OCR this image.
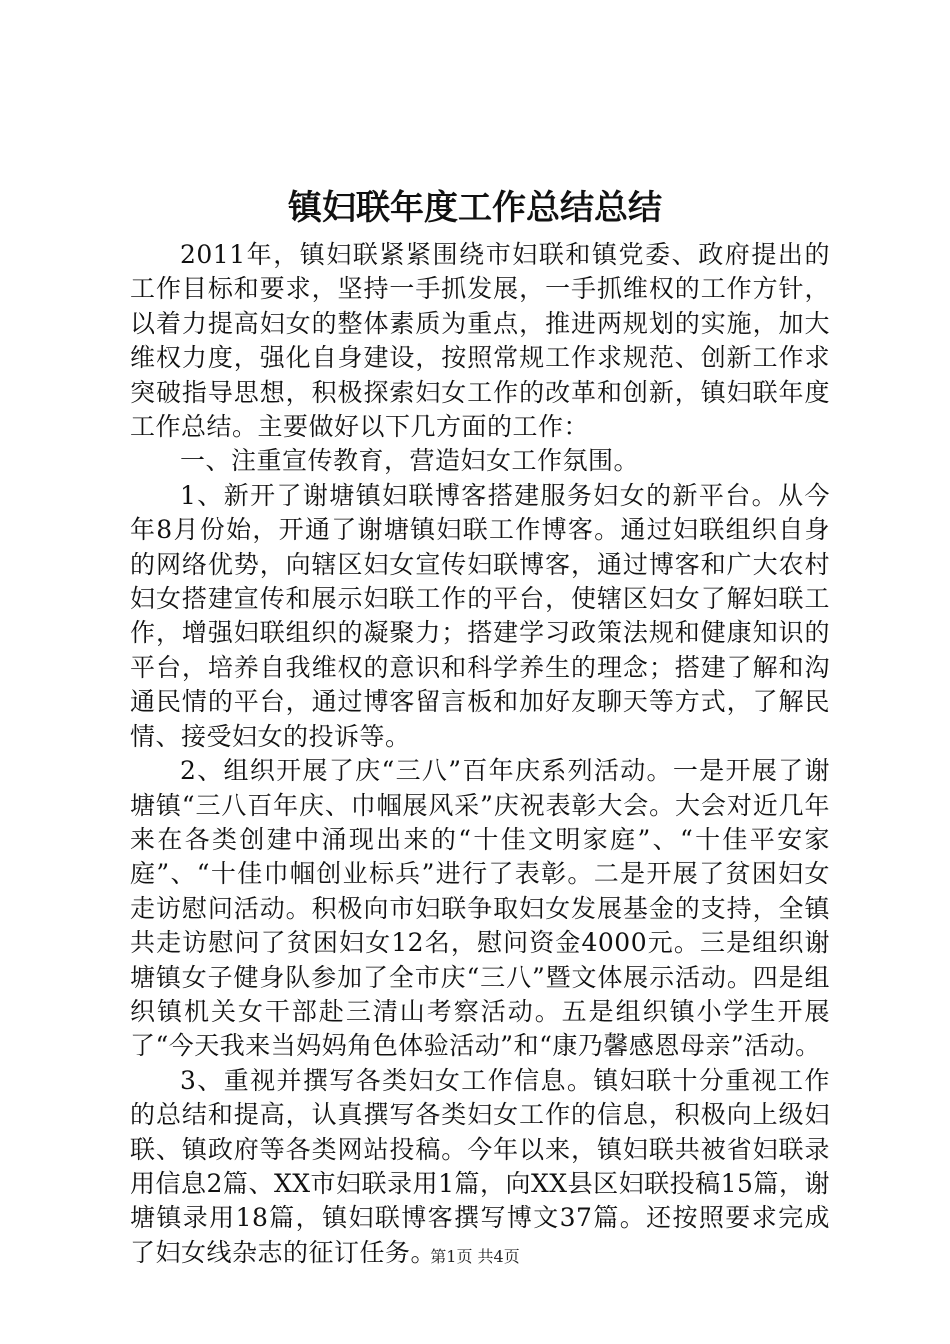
镇妇联年度工作总结总结

2011年，镇妇联紧紧围绕市妇联和镇党委、政府提出的工作目标和要求，坚持一手抓发展，一手抓维权的工作方针，以着力提高妇女的整体素质为重点，推进两规划的实施，加大维权力度，强化自身建设，按照常规工作求规范、创新工作求突破指导思想，积极探索妇女工作的改革和创新，镇妇联年度工作总结。主要做好以下几方面的工作：

一、注重宣传教育，营造妇女工作氛围。

1、新开了谢塘镇妇联博客搭建服务妇女的新平台。从今年8月份始，开通了谢塘镇妇联工作博客。通过妇联组织自身的网络优势，向辖区妇女宣传妇联博客，通过博客和广大农村妇女搭建宣传和展示妇联工作的平台，使辖区妇女了解妇联工作，增强妇联组织的凝聚力；搭建学习政策法规和健康知识的平台，培养自我维权的意识和科学养生的理念；搭建了解和沟通民情的平台，通过博客留言板和加好友聊天等方式，了解民情、接受妇女的投诉等。

2、组织开展了庆“三八”百年庆系列活动。一是开展了谢塘镇“三八百年庆、巾帼展风采”庆祝表彰大会。大会对近几年来在各类创建中涌现出来的“十佳文明家庭”、“十佳平安家庭”、“十佳巾帼创业标兵”进行了表彰。二是开展了贫困妇女走访慰问活动。积极向市妇联争取妇女发展基金的支持，全镇共走访慰问了贫困妇女12名，慰问资金4000元。三是组织谢塘镇女子健身队参加了全市庆“三八”暨文体展示活动。四是组织镇机关女干部赴三清山考察活动。五是组织镇小学生开展了“今天我来当妈妈角色体验活动”和“康乃馨感恩母亲”活动。

3、重视并撰写各类妇女工作信息。镇妇联十分重视工作的总结和提高，认真撰写各类妇女工作的信息，积极向上级妇联、镇政府等各类网站投稿。今年以来，镇妇联共被省妇联录用信息2篇、XX市妇联录用1篇，向XX县区妇联投稿15篇，谢塘镇录用18篇，镇妇联博客撰写博文37篇。还按照要求完成了妇女线杂志的征订任务。

第1页 共4页
